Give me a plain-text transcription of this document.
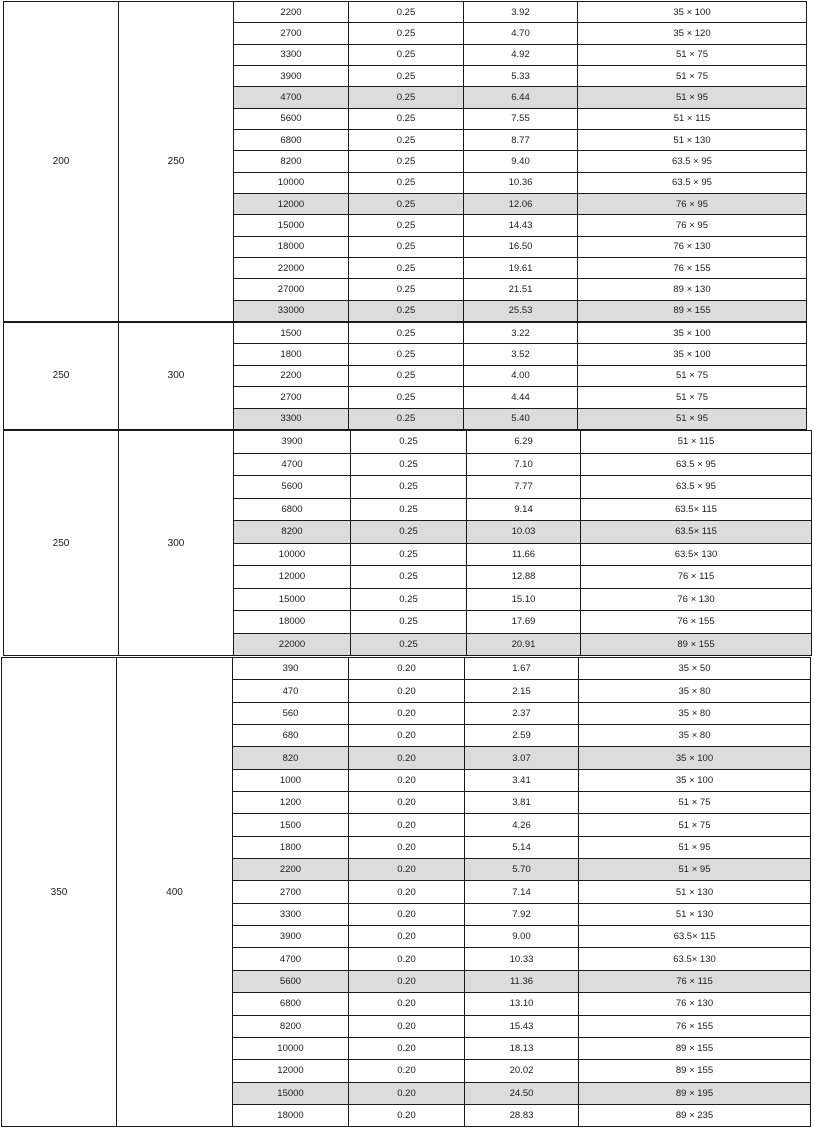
200	250	2200	0.25	3.92	35 × 100
		2700	0.25	4.70	35 × 120
		3300	0.25	4.92	51 × 75
		3900	0.25	5.33	51 × 75
		4700	0.25	6.44	51 × 95
		5600	0.25	7.55	51 × 115
		6800	0.25	8.77	51 × 130
		8200	0.25	9.40	63.5 × 95
		10000	0.25	10.36	63.5 × 95
		12000	0.25	12.06	76 × 95
		15000	0.25	14.43	76 × 95
		18000	0.25	16.50	76 × 130
		22000	0.25	19.61	76 × 155
		27000	0.25	21.51	89 × 130
		33000	0.25	25.53	89 × 155
250	300	1500	0.25	3.22	35 × 100
		1800	0.25	3.52	35 × 100
		2200	0.25	4.00	51 × 75
		2700	0.25	4.44	51 × 75
		3300	0.25	5.40	51 × 95
250	300	3900	0.25	6.29	51 × 115
		4700	0.25	7.10	63.5 × 95
		5600	0.25	7.77	63.5 × 95
		6800	0.25	9.14	63.5× 115
		8200	0.25	10.03	63.5× 115
		10000	0.25	11.66	63.5× 130
		12000	0.25	12.88	76 × 115
		15000	0.25	15.10	76 × 130
		18000	0.25	17.69	76 × 155
		22000	0.25	20.91	89 × 155
350	400	390	0.20	1.67	35 × 50
		470	0.20	2.15	35 × 80
		560	0.20	2.37	35 × 80
		680	0.20	2.59	35 × 80
		820	0.20	3.07	35 × 100
		1000	0.20	3.41	35 × 100
		1200	0.20	3.81	51 × 75
		1500	0.20	4.26	51 × 75
		1800	0.20	5.14	51 × 95
		2200	0.20	5.70	51 × 95
		2700	0.20	7.14	51 × 130
		3300	0.20	7.92	51 × 130
		3900	0.20	9.00	63.5× 115
		4700	0.20	10.33	63.5× 130
		5600	0.20	11.36	76 × 115
		6800	0.20	13.10	76 × 130
		8200	0.20	15.43	76 × 155
		10000	0.20	18.13	89 × 155
		12000	0.20	20.02	89 × 155
		15000	0.20	24.50	89 × 195
		18000	0.20	28.83	89 × 235
